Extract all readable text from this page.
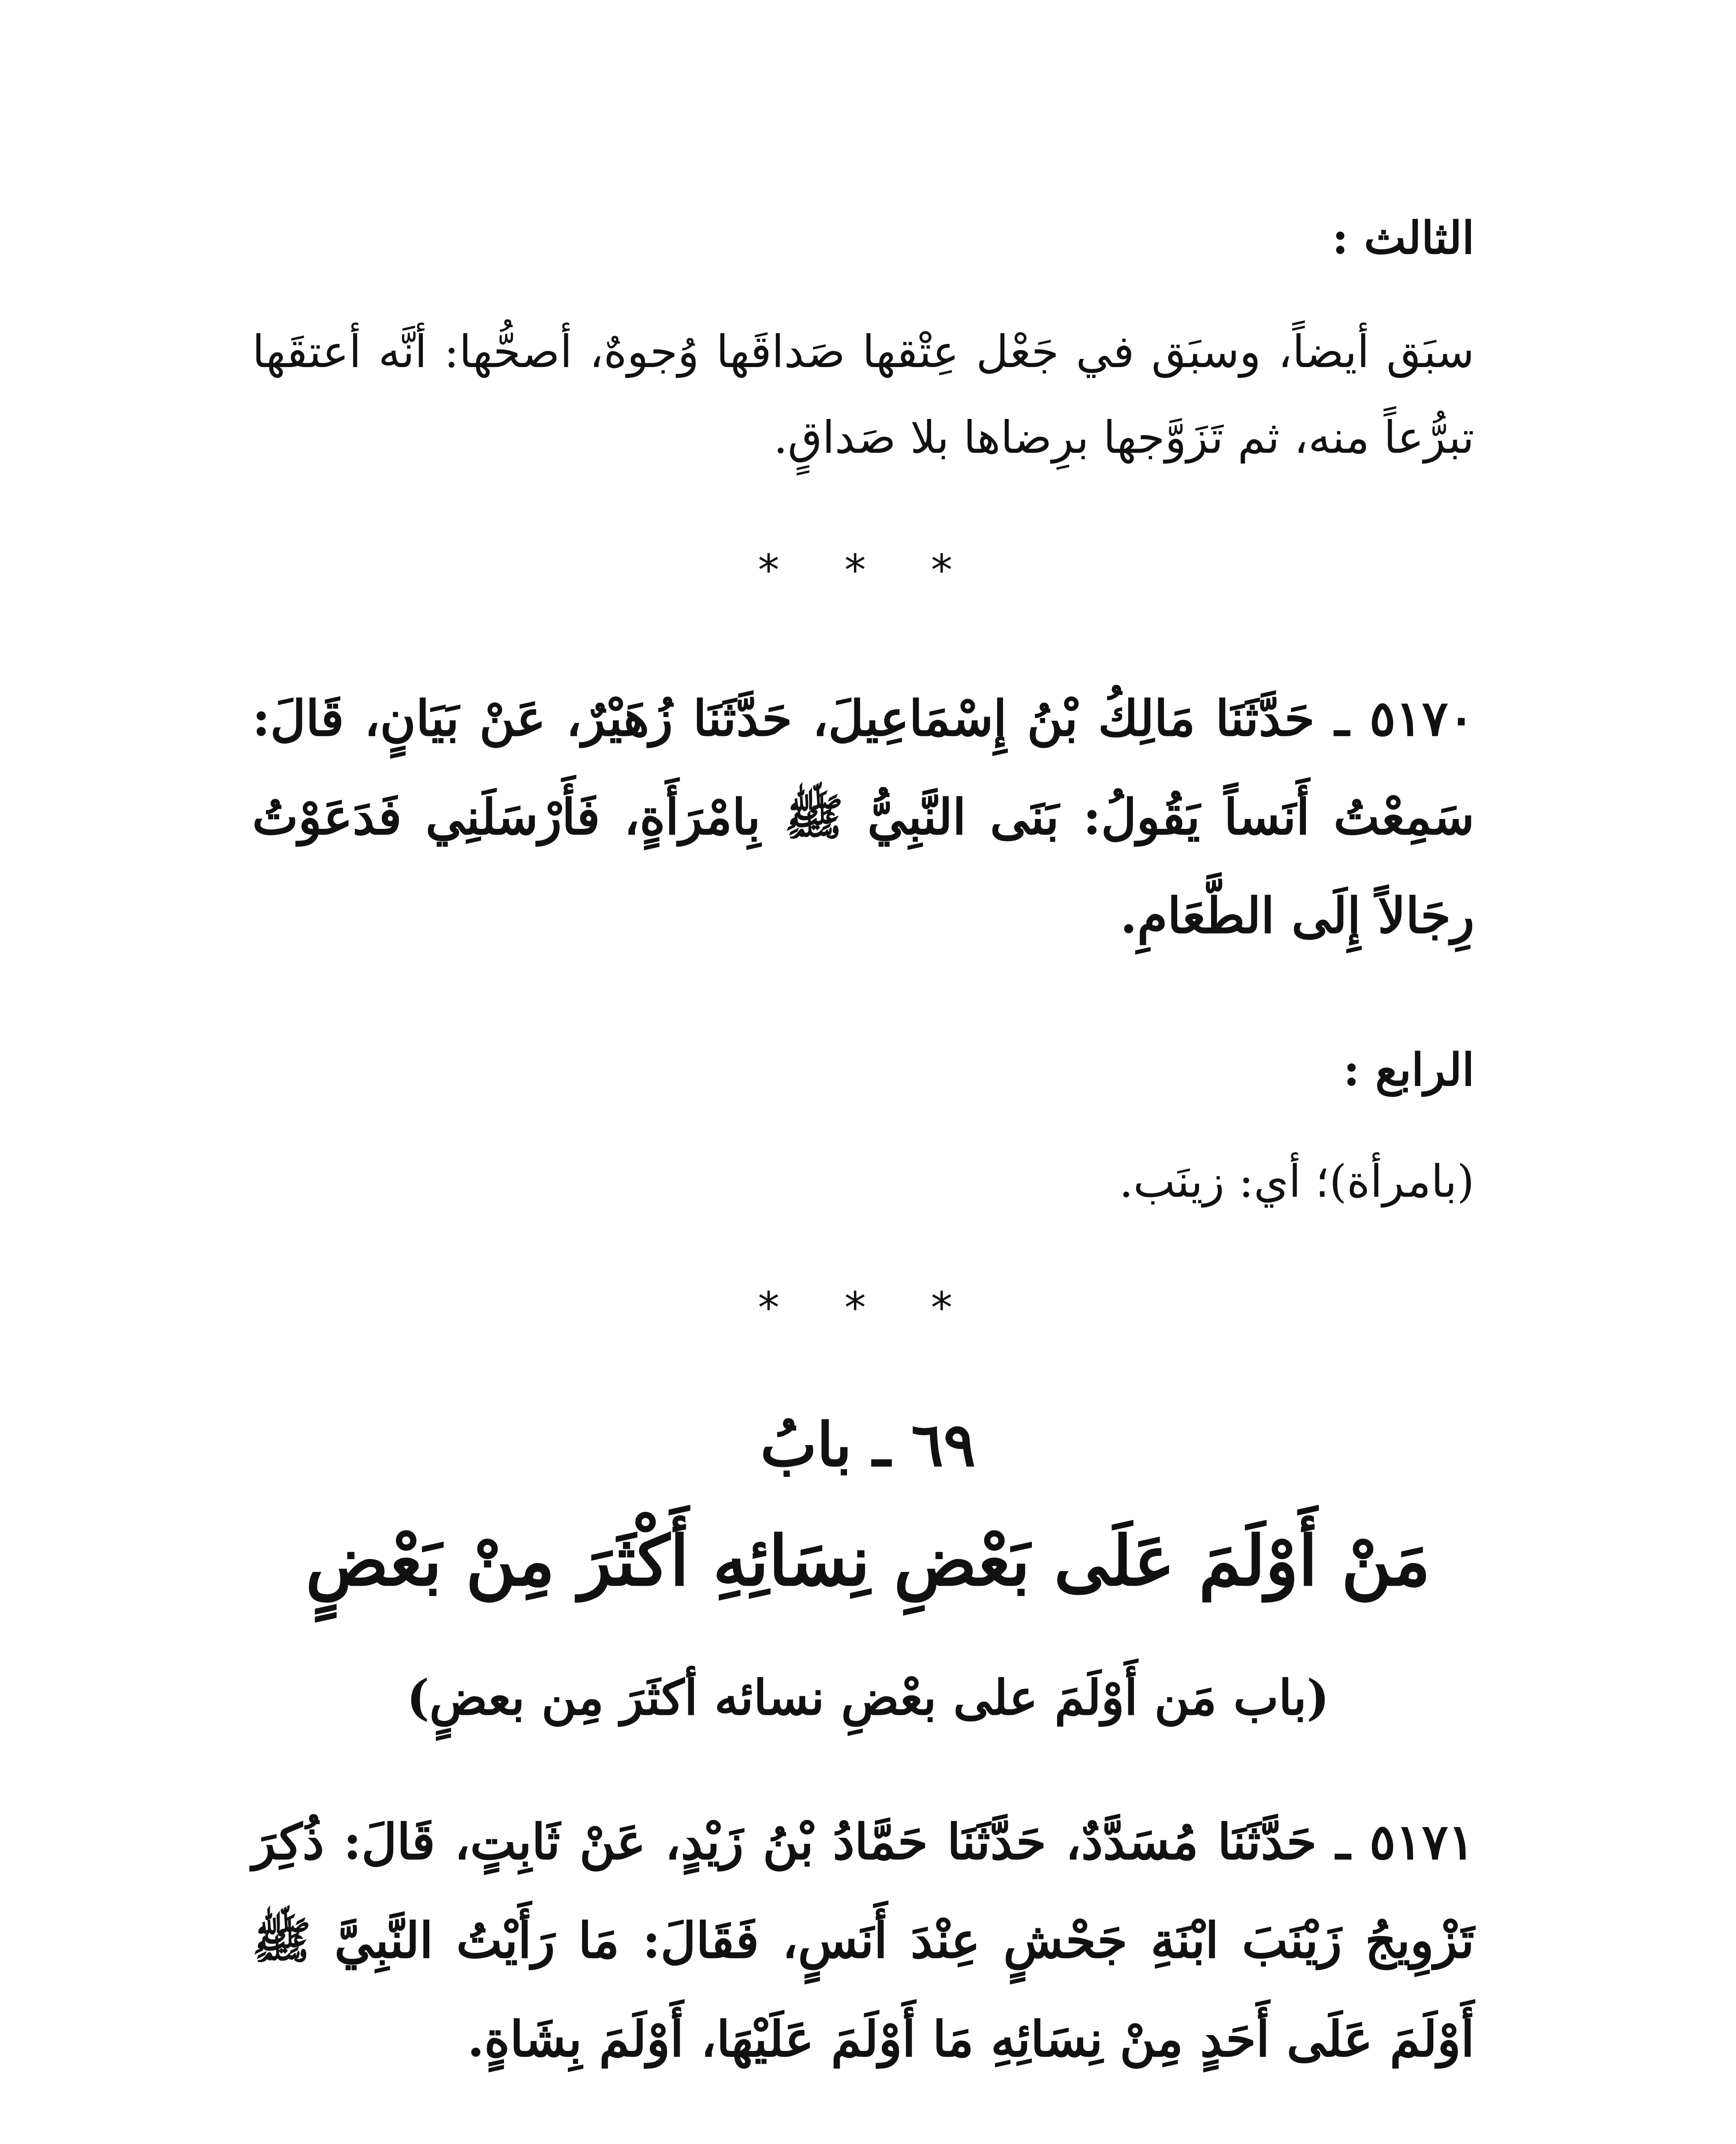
الثالث :
سبَق أيضاً، وسبَق في جَعْل عِتْقها صَداقَها وُجوهٌ، أصحُّها: أنَّه أعتقَها تبرُّعاً منه، ثم تَزَوَّجها برِضاها بلا صَداقٍ.
* * *
٥١٧٠ ـ حَدَّثَنَا مَالِكُ بْنُ إِسْمَاعِيلَ، حَدَّثَنَا زُهَيْرٌ، عَنْ بَيَانٍ، قَالَ: سَمِعْتُ أَنَساً يَقُولُ: بَنَى النَّبِيُّ ﷺ بِامْرَأَةٍ، فَأَرْسَلَنِي فَدَعَوْتُ رِجَالاً إِلَى الطَّعَامِ.
الرابع :
(بامرأة)؛ أي: زينَب.
* * *
٦٩ ـ بابُ
مَنْ أَوْلَمَ عَلَى بَعْضِ نِسَائِهِ أَكْثَرَ مِنْ بَعْضٍ
(باب مَن أَوْلَمَ على بعْضِ نسائه أكثَرَ مِن بعضٍ)
٥١٧١ ـ حَدَّثَنَا مُسَدَّدٌ، حَدَّثَنَا حَمَّادُ بْنُ زَيْدٍ، عَنْ ثَابِتٍ، قَالَ: ذُكِرَ تَزْوِيجُ زَيْنَبَ ابْنَةِ جَحْشٍ عِنْدَ أَنَسٍ، فَقَالَ: مَا رَأَيْتُ النَّبِيَّ ﷺ أَوْلَمَ عَلَى أَحَدٍ مِنْ نِسَائِهِ مَا أَوْلَمَ عَلَيْهَا، أَوْلَمَ بِشَاةٍ.
